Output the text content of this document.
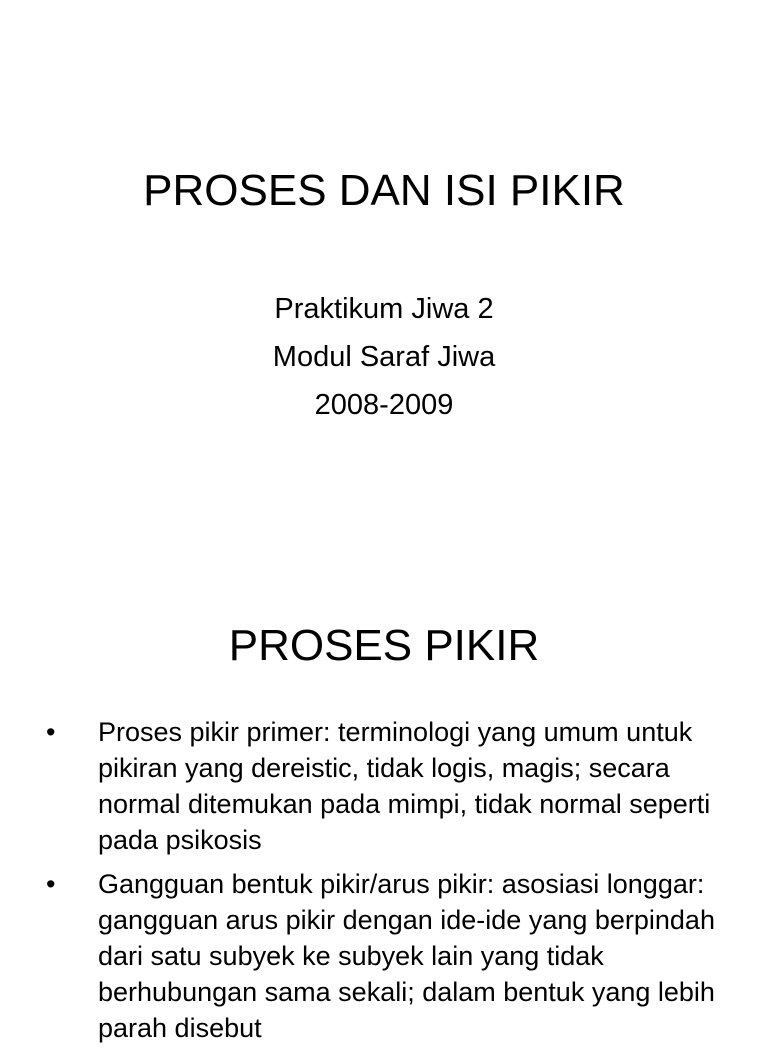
PROSES DAN ISI PIKIR
Praktikum Jiwa 2
Modul Saraf Jiwa
2008-2009
PROSES PIKIR
• Proses pikir primer: terminologi yang umum untuk pikiran yang dereistic, tidak logis, magis; secara normal ditemukan pada mimpi, tidak normal seperti pada psikosis
• Gangguan bentuk pikir/arus pikir: asosiasi longgar: gangguan arus pikir dengan ide-ide yang berpindah dari satu subyek ke subyek lain yang tidak berhubungan sama sekali; dalam bentuk yang lebih parah disebut
